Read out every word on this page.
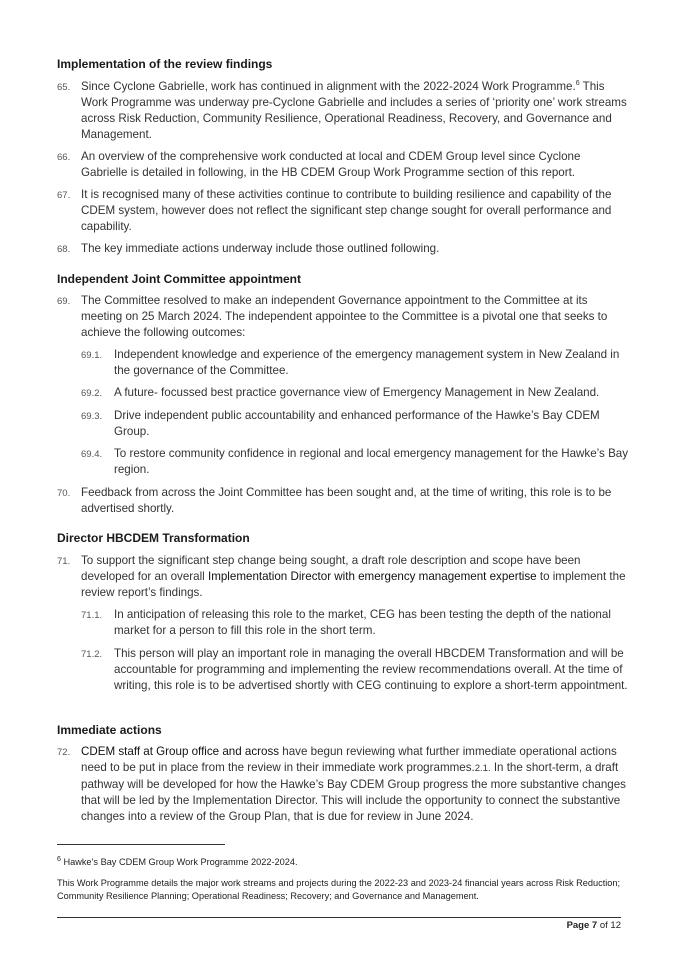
Implementation of the review findings
65. Since Cyclone Gabrielle, work has continued in alignment with the 2022-2024 Work Programme.$^6$ This Work Programme was underway pre-Cyclone Gabrielle and includes a series of ‘priority one’ work streams across Risk Reduction, Community Resilience, Operational Readiness, Recovery, and Governance and Management.
66. An overview of the comprehensive work conducted at local and CDEM Group level since Cyclone Gabrielle is detailed in following, in the HB CDEM Group Work Programme section of this report.
67. It is recognised many of these activities continue to contribute to building resilience and capability of the CDEM system, however does not reflect the significant step change sought for overall performance and capability.
68. The key immediate actions underway include those outlined following.
Independent Joint Committee appointment
69. The Committee resolved to make an independent Governance appointment to the Committee at its meeting on 25 March 2024. The independent appointee to the Committee is a pivotal one that seeks to achieve the following outcomes:
69.1. Independent knowledge and experience of the emergency management system in New Zealand in the governance of the Committee.
69.2. A future- focussed best practice governance view of Emergency Management in New Zealand.
69.3. Drive independent public accountability and enhanced performance of the Hawke’s Bay CDEM Group.
69.4. To restore community confidence in regional and local emergency management for the Hawke’s Bay region.
70. Feedback from across the Joint Committee has been sought and, at the time of writing, this role is to be advertised shortly.
Director HBCDEM Transformation
71. To support the significant step change being sought, a draft role description and scope have been developed for an overall Implementation Director with emergency management expertise to implement the review report’s findings.
71.1. In anticipation of releasing this role to the market, CEG has been testing the depth of the national market for a person to fill this role in the short term.
71.2. This person will play an important role in managing the overall HBCDEM Transformation and will be accountable for programming and implementing the review recommendations overall. At the time of writing, this role is to be advertised shortly with CEG continuing to explore a short-term appointment.
Immediate actions
72. CDEM staff at Group office and across have begun reviewing what further immediate operational actions need to be put in place from the review in their immediate work programmes.2.1. In the short-term, a draft pathway will be developed for how the Hawke’s Bay CDEM Group progress the more substantive changes that will be led by the Implementation Director. This will include the opportunity to connect the substantive changes into a review of the Group Plan, that is due for review in June 2024.
$^6$ Hawke’s Bay CDEM Group Work Programme 2022-2024.
This Work Programme details the major work streams and projects during the 2022-23 and 2023-24 financial years across Risk Reduction; Community Resilience Planning; Operational Readiness; Recovery; and Governance and Management.
Page 7 of 12
